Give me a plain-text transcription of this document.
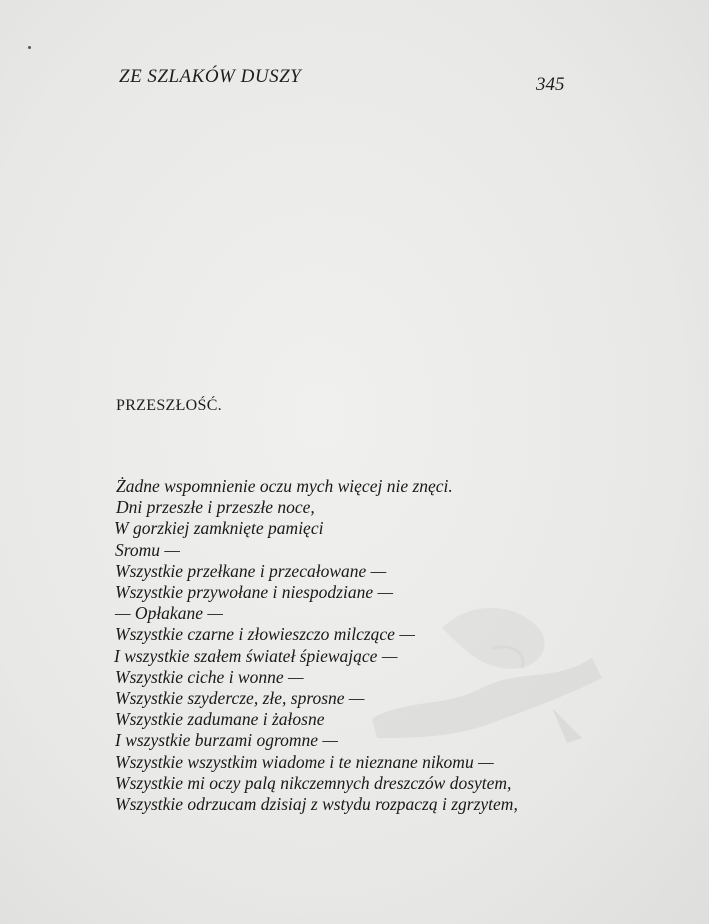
ZE SZLAKÓW DUSZY	345
PRZESZŁOŚĆ.
Żadne wspomnienie oczu mych więcej nie znęci.
Dni przeszłe i przeszłe noce,
W gorzkiej zamknięte pamięci
Sromu —
Wszystkie przełkane i przecałowane —
Wszystkie przywołane i niespodziane —
— Opłakane —
Wszystkie czarne i złowieszczo milczące —
I wszystkie szałem świateł śpiewające —
Wszystkie ciche i wonne —
Wszystkie szydercze, złe, sprosne —
Wszystkie zadumane i żałosne
I wszystkie burzami ogromne —
Wszystkie wszystkim wiadome i te nieznane nikomu —
Wszystkie mi oczy palą nikczemnych dreszczów dosytem,
Wszystkie odrzucam dzisiaj z wstydu rozpaczą i zgrzytem,
